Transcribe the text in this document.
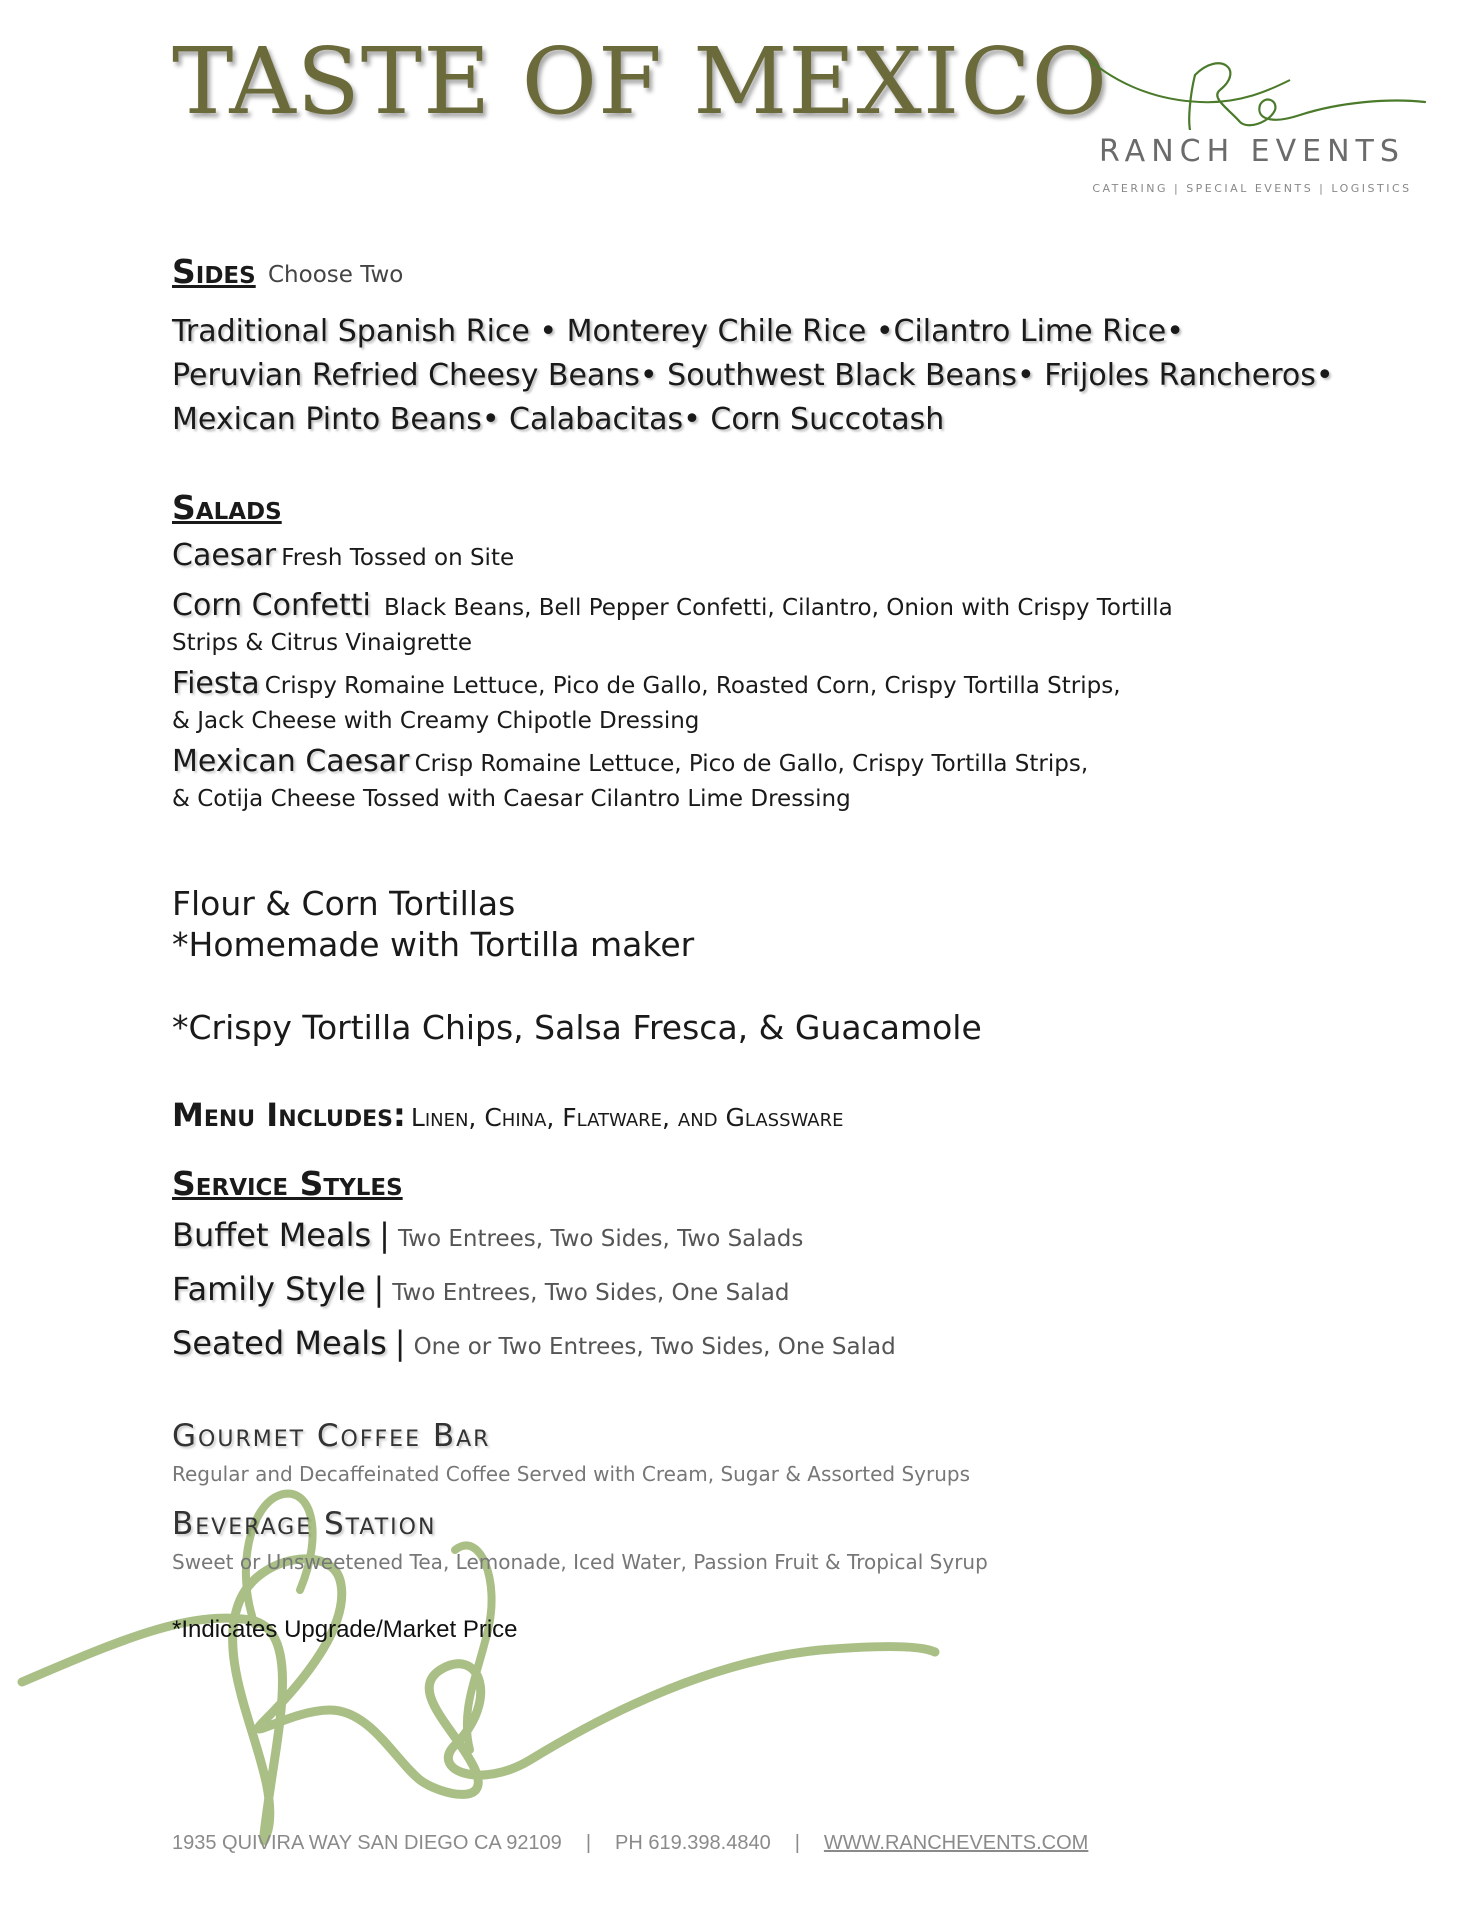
TASTE OF MEXICO
RANCH EVENTS
CATERING | SPECIAL EVENTS | LOGISTICS
Sides Choose Two
Traditional Spanish Rice • Monterey Chile Rice •Cilantro Lime Rice•
Peruvian Refried Cheesy Beans• Southwest Black Beans• Frijoles Rancheros•
Mexican Pinto Beans• Calabacitas• Corn Succotash
Salads
Caesar Fresh Tossed on Site
Corn Confetti Black Beans, Bell Pepper Confetti, Cilantro, Onion with Crispy Tortilla
Strips & Citrus Vinaigrette
Fiesta Crispy Romaine Lettuce, Pico de Gallo, Roasted Corn, Crispy Tortilla Strips,
& Jack Cheese with Creamy Chipotle Dressing
Mexican Caesar Crisp Romaine Lettuce, Pico de Gallo, Crispy Tortilla Strips,
& Cotija Cheese Tossed with Caesar Cilantro Lime Dressing
Flour & Corn Tortillas
*Homemade with Tortilla maker
*Crispy Tortilla Chips, Salsa Fresca, & Guacamole
Menu Includes: Linen, China, Flatware, and Glassware
Service Styles
Buffet Meals | Two Entrees, Two Sides, Two Salads
Family Style | Two Entrees, Two Sides, One Salad
Seated Meals | One or Two Entrees, Two Sides, One Salad
Gourmet Coffee Bar
Regular and Decaffeinated Coffee Served with Cream, Sugar & Assorted Syrups
Beverage Station
Sweet or Unsweetened Tea, Lemonade, Iced Water, Passion Fruit & Tropical Syrup
*Indicates Upgrade/Market Price
1935 QUIVIRA WAY SAN DIEGO CA 92109 | PH 619.398.4840 | WWW.RANCHEVENTS.COM
